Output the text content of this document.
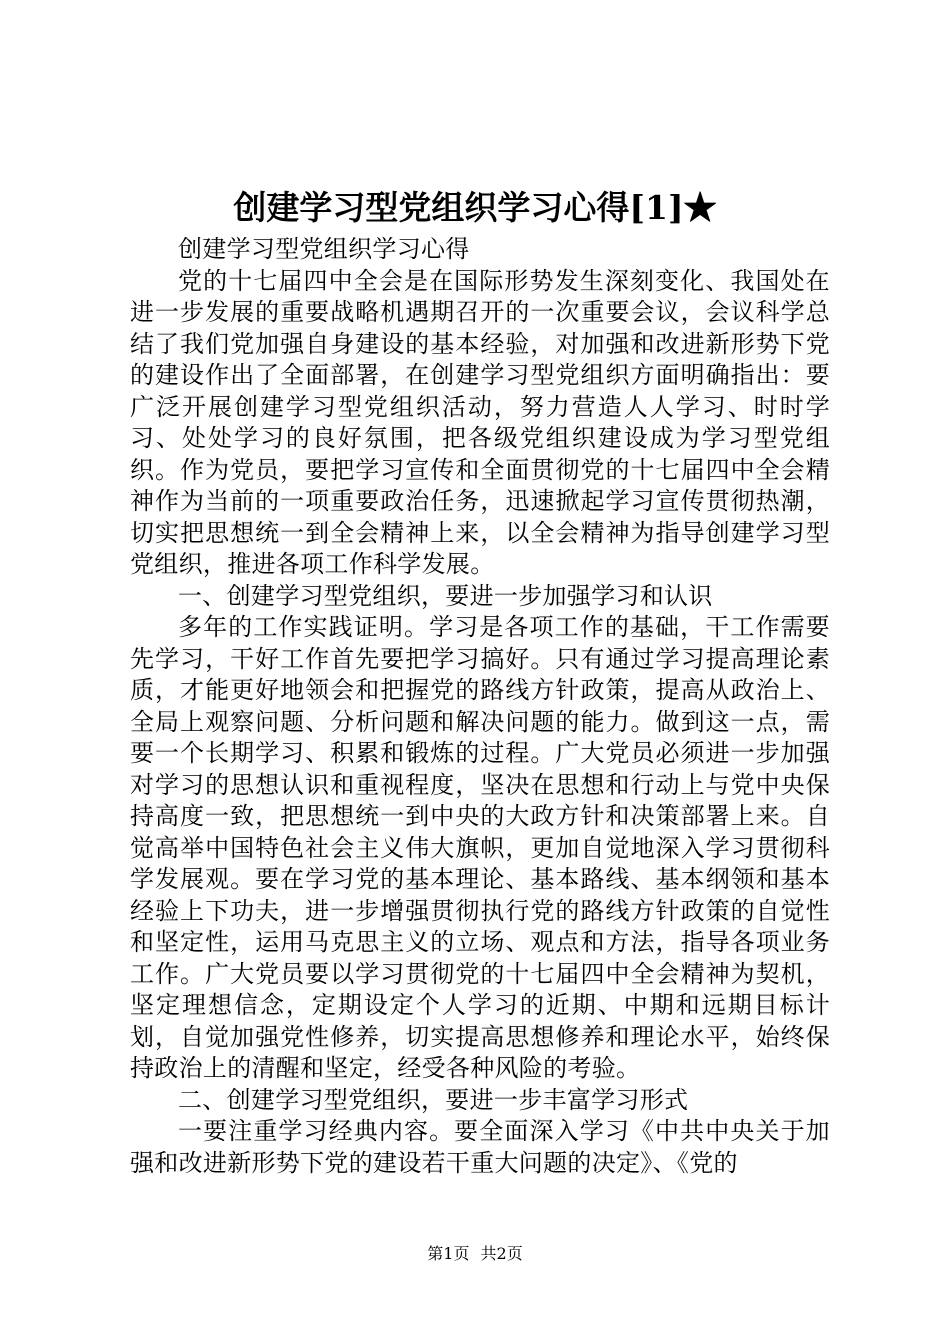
创建学习型党组织学习心得[1]★

创建学习型党组织学习心得

党的十七届四中全会是在国际形势发生深刻变化、我国处在进一步发展的重要战略机遇期召开的一次重要会议，会议科学总结了我们党加强自身建设的基本经验，对加强和改进新形势下党的建设作出了全面部署，在创建学习型党组织方面明确指出：要广泛开展创建学习型党组织活动，努力营造人人学习、时时学习、处处学习的良好氛围，把各级党组织建设成为学习型党组织。作为党员，要把学习宣传和全面贯彻党的十七届四中全会精神作为当前的一项重要政治任务，迅速掀起学习宣传贯彻热潮，切实把思想统一到全会精神上来，以全会精神为指导创建学习型党组织，推进各项工作科学发展。

一、创建学习型党组织，要进一步加强学习和认识

多年的工作实践证明。学习是各项工作的基础，干工作需要先学习，干好工作首先要把学习搞好。只有通过学习提高理论素质，才能更好地领会和把握党的路线方针政策，提高从政治上、全局上观察问题、分析问题和解决问题的能力。做到这一点，需要一个长期学习、积累和锻炼的过程。广大党员必须进一步加强对学习的思想认识和重视程度，坚决在思想和行动上与党中央保持高度一致，把思想统一到中央的大政方针和决策部署上来。自觉高举中国特色社会主义伟大旗帜，更加自觉地深入学习贯彻科学发展观。要在学习党的基本理论、基本路线、基本纲领和基本经验上下功夫，进一步增强贯彻执行党的路线方针政策的自觉性和坚定性，运用马克思主义的立场、观点和方法，指导各项业务工作。广大党员要以学习贯彻党的十七届四中全会精神为契机，坚定理想信念，定期设定个人学习的近期、中期和远期目标计划，自觉加强党性修养，切实提高思想修养和理论水平，始终保持政治上的清醒和坚定，经受各种风险的考验。

二、创建学习型党组织，要进一步丰富学习形式

一要注重学习经典内容。要全面深入学习《中共中央关于加强和改进新形势下党的建设若干重大问题的决定》、《党的

第1页 共2页
